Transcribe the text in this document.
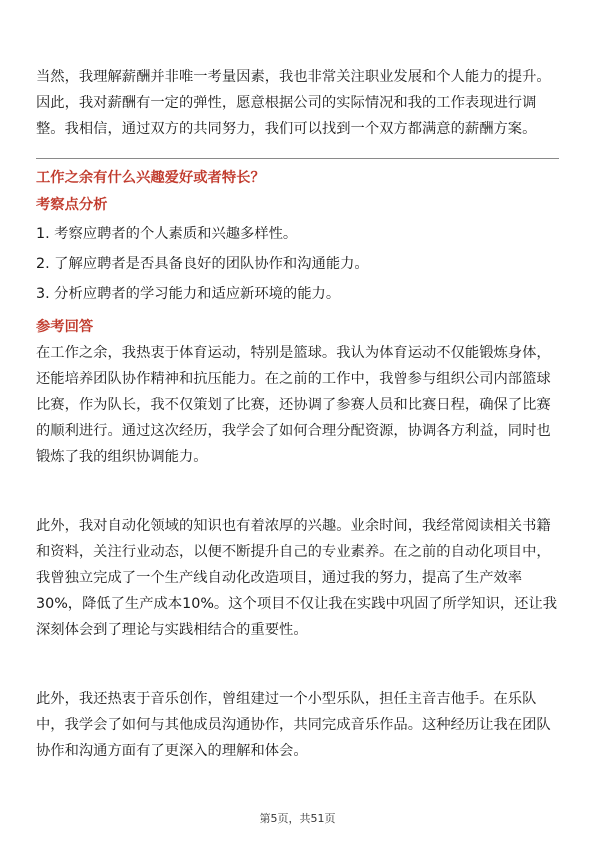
当然，我理解薪酬并非唯一考量因素，我也非常关注职业发展和个人能力的提升。
因此，我对薪酬有一定的弹性，愿意根据公司的实际情况和我的工作表现进行调
整。我相信，通过双方的共同努力，我们可以找到一个双方都满意的薪酬方案。
工作之余有什么兴趣爱好或者特长？
考察点分析
1. 考察应聘者的个人素质和兴趣多样性。
2. 了解应聘者是否具备良好的团队协作和沟通能力。
3. 分析应聘者的学习能力和适应新环境的能力。
参考回答
在工作之余，我热衷于体育运动，特别是篮球。我认为体育运动不仅能锻炼身体，
还能培养团队协作精神和抗压能力。在之前的工作中，我曾参与组织公司内部篮球
比赛，作为队长，我不仅策划了比赛，还协调了参赛人员和比赛日程，确保了比赛
的顺利进行。通过这次经历，我学会了如何合理分配资源，协调各方利益，同时也
锻炼了我的组织协调能力。
此外，我对自动化领域的知识也有着浓厚的兴趣。业余时间，我经常阅读相关书籍
和资料，关注行业动态，以便不断提升自己的专业素养。在之前的自动化项目中，
我曾独立完成了一个生产线自动化改造项目，通过我的努力，提高了生产效率
30%，降低了生产成本10%。这个项目不仅让我在实践中巩固了所学知识，还让我
深刻体会到了理论与实践相结合的重要性。
此外，我还热衷于音乐创作，曾组建过一个小型乐队，担任主音吉他手。在乐队
中，我学会了如何与其他成员沟通协作，共同完成音乐作品。这种经历让我在团队
协作和沟通方面有了更深入的理解和体会。
第5页，共51页
